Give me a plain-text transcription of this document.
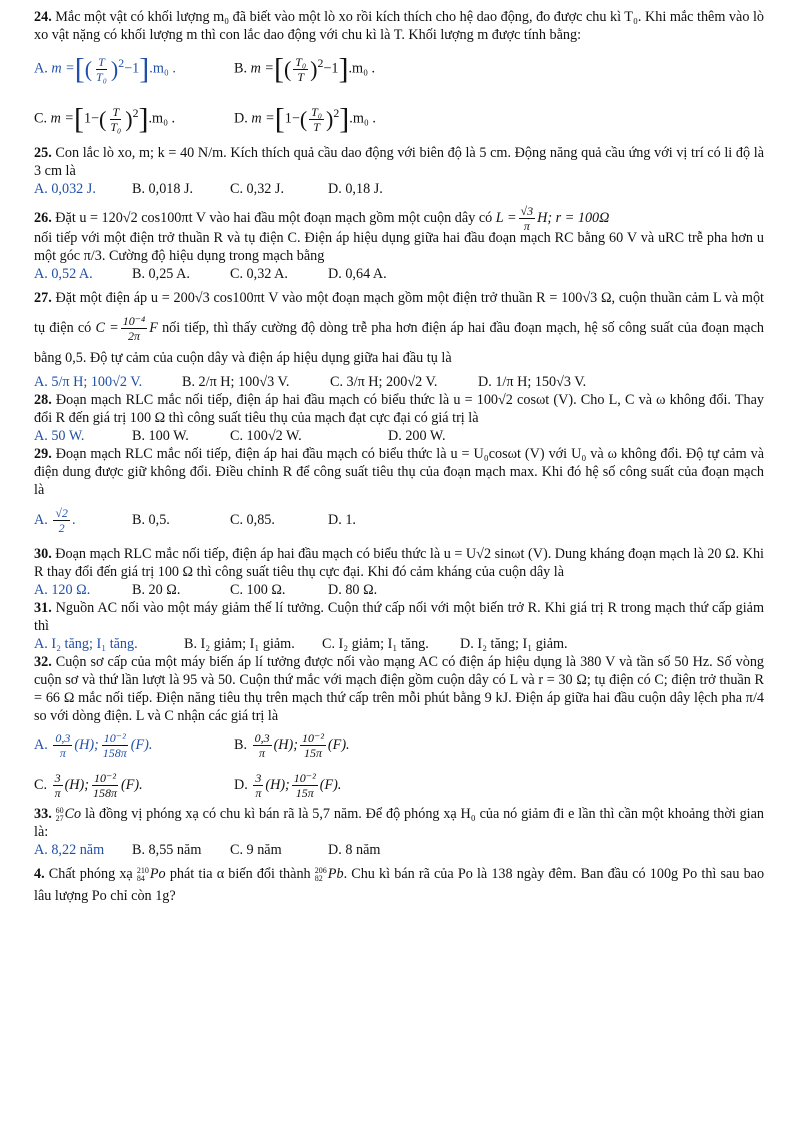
24. Mắc một vật có khối lượng m₀ đã biết vào một lò xo rồi kích thích cho hệ dao động, đo được chu kì T₀. Khi mắc thêm vào lò xo vật nặng có khối lượng m thì con lắc dao động với chu kì là T. Khối lượng m được tính bằng:

A. m =[( $\frac{T}{\text{T₀}} )^2-1].m_0$ .	B. m =[( $\frac{\text{T₀}}{T} )^2-1].m_0$ .
C. $m =[1-( \frac{T}{\text{T₀}} )^2].m_0$ .	D. $m =[1-( \frac{\text{T₀}}{T} )^2].m_0$ .

25. Con lắc lò xo, m; k = 40 N/m. Kích thích quả cầu dao động với biên độ là 5 cm. Động năng quả cầu ứng với vị trí có li độ là 3 cm là

A. 0,032 J.	B. 0,018 J.	C. 0,32 J.	D. 0,18 J.

26. Đặt u = 120√2 cos100πt V vào hai đầu một đoạn mạch gồm một cuộn dây có $L = \frac{√3}{\pi} H$; r = 100Ω

nối tiếp với một điện trở thuần R và tụ điện C. Điện áp hiệu dụng giữa hai đầu đoạn mạch RC bằng 60 V và uRC trễ pha hơn u một góc π/3. Cường độ hiệu dụng trong mạch bằng

A. 0,52 A.	B. 0,25 A.	C. 0,32 A.	D. 0,64 A.

27. Đặt một điện áp u = 200√3 cos100πt V vào một đoạn mạch gồm một điện trở thuần R = 100√3 Ω, cuộn thuần cảm L và một tụ điện có $C = \frac{\text{10⁻⁴}}{2\pi}$ F nối tiếp, thì thấy cường độ dòng trễ pha hơn điện áp hai đầu đoạn mạch, hệ số công suất của đoạn mạch bằng 0,5. Độ tự cảm của cuộn dây và điện áp hiệu dụng giữa hai đầu tụ là

A. 5/π H; 100√2 V.	B. 2/π H; 100√3 V.	C. 3/π H; 200√2 V.	D. 1/π H; 150√3 V.

28. Đoạn mạch RLC mắc nối tiếp, điện áp hai đầu mạch có biểu thức là u = 100√2 cosωt (V). Cho L, C và ω không đổi. Thay đổi R đến giá trị 100 Ω thì công suất tiêu thụ của mạch đạt cực đại có giá trị là

A. 50 W.	B. 100 W.	C. 100√2 W.	D. 200 W.

29. Đoạn mạch RLC mắc nối tiếp, điện áp hai đầu mạch có biểu thức là u = U₀cosωt (V) với U₀ và ω không đổi. Độ tự cảm và điện dung được giữ không đổi. Điều chỉnh R để công suất tiêu thụ của đoạn mạch max. Khi đó hệ số công suất của đoạn mạch là

A. $\frac{√2}{2}$ .	B. 0,5.	C. 0,85.	D. 1.

30. Đoạn mạch RLC mắc nối tiếp, điện áp hai đầu mạch có biểu thức là u = U√2 sinωt (V). Dung kháng đoạn mạch là 20 Ω. Khi R thay đổi đến giá trị 100 Ω thì công suất tiêu thụ cực đại. Khi đó cảm kháng của cuộn dây là

A. 120 Ω.	B. 20 Ω.	C. 100 Ω.	D. 80 Ω.

31. Nguồn AC nối vào một máy giảm thế lí tưởng. Cuộn thứ cấp nối với một biến trở R. Khi giá trị R trong mạch thứ cấp giảm thì

A. I₂ tăng; I₁ tăng.	B. I₂ giảm; I₁ giảm.	C. I₂ giảm; I₁ tăng.	D. I₂ tăng; I₁ giảm.

32. Cuộn sơ cấp của một máy biến áp lí tưởng được nối vào mạng AC có điện áp hiệu dụng là 380 V và tần số 50 Hz. Số vòng cuộn sơ và thứ lần lượt là 95 và 50. Cuộn thứ mắc với mạch điện gồm cuộn dây có L và r = 30 Ω; tụ điện có C; điện trở thuần R = 66 Ω mắc nối tiếp. Điện năng tiêu thụ trên mạch thứ cấp trên mỗi phút bằng 9 kJ. Điện áp giữa hai đầu cuộn dây lệch pha π/4 so với dòng điện. L và C nhận các giá trị là

A. $\frac{0,3}{\pi} (H)$; $\frac{\text{10⁻²}}{158\pi} (F)$.	B. $\frac{0,3}{\pi} (H)$; $\frac{\text{10⁻²}}{15\pi} (F)$.
C. $\frac{3}{\pi} (H)$; $\frac{\text{10⁻²}}{158\pi} (F)$.	D. $\frac{3}{\pi} (H)$; $\frac{\text{10⁻²}}{15\pi} (F)$.

33. 60
27 Co là đồng vị phóng xạ có chu kì bán rã là 5,7 năm. Để độ phóng xạ H₀ của nó giảm đi e lần thì cần một khoảng thời gian là:

A. 8,22 năm	B. 8,55 năm	C. 9 năm	D. 8 năm

4. Chất phóng xạ 210
84 Po phát tia α biến đổi thành 206
82 Pb. Chu kì bán rã của Po là 138 ngày đêm. Ban đầu có 100g Po thì sau bao lâu lượng Po chỉ còn 1g?
